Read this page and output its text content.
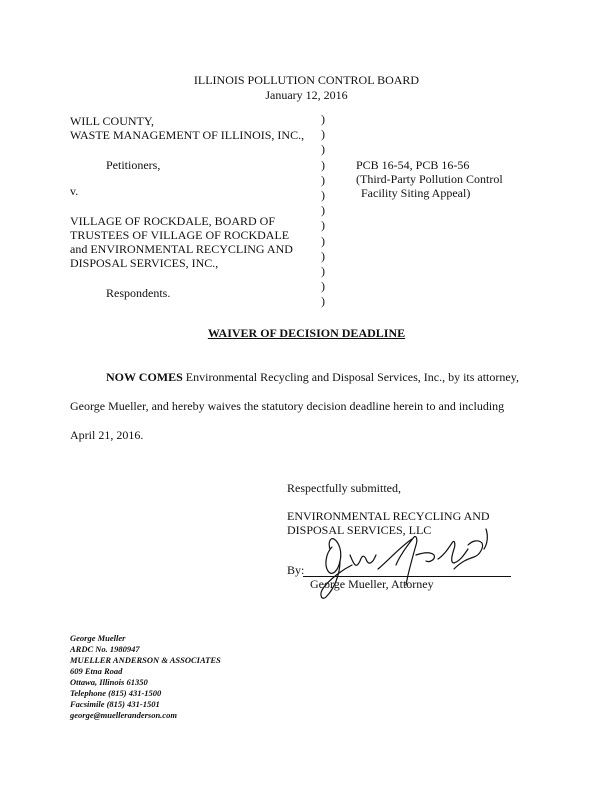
ILLINOIS POLLUTION CONTROL BOARD
January 12, 2016
WILL COUNTY,
WASTE MANAGEMENT OF ILLINOIS, INC.,
Petitioners,
v.
VILLAGE OF ROCKDALE, BOARD OF
TRUSTEES OF VILLAGE OF ROCKDALE
and ENVIRONMENTAL RECYCLING AND
DISPOSAL SERVICES, INC.,
Respondents.
)
)
)
)
)
)
)
)
)
)
)
)
)
PCB 16-54, PCB 16-56
(Third-Party Pollution Control
Facility Siting Appeal)
WAIVER OF DECISION DEADLINE
NOW COMES Environmental Recycling and Disposal Services, Inc., by its attorney,
George Mueller, and hereby waives the statutory decision deadline herein to and including
April 21, 2016.
Respectfully submitted,
ENVIRONMENTAL RECYCLING AND
DISPOSAL SERVICES, LLC
By:
George Mueller, Attorney
George Mueller
ARDC No. 1980947
MUELLER ANDERSON & ASSOCIATES
609 Etna Road
Ottawa, Illinois 61350
Telephone (815) 431-1500
Facsimile (815) 431-1501
george@muelleranderson.com
